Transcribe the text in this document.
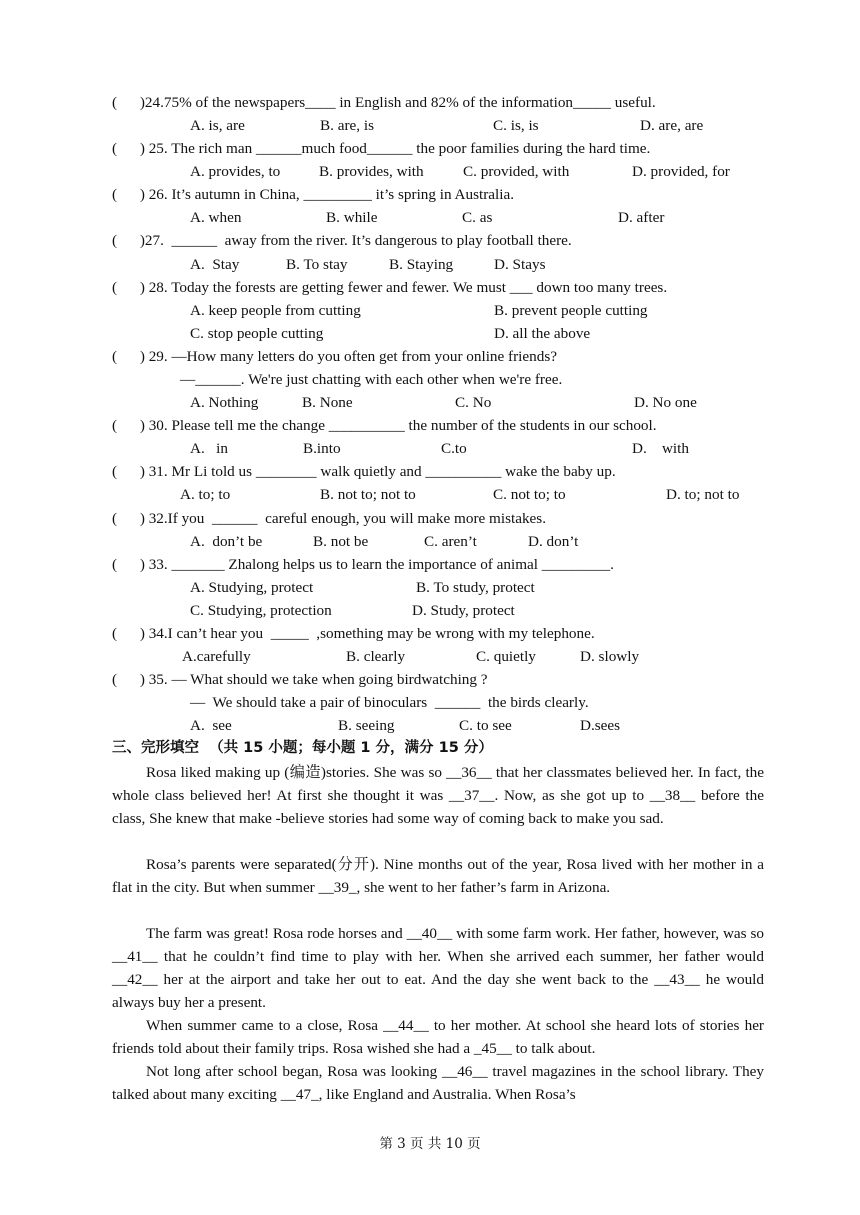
(      )24.75% of the newspapers____ in English and 82% of the information_____ useful.
A. is, are	B. are, is	C. is, is	D. are, are
(      ) 25. The rich man ______much food______ the poor families during the hard time.
A. provides, to	B. provides, with	C. provided, with	D. provided, for
(      ) 26. It’s autumn in China, _________ it’s spring in Australia.
A. when	B. while	C. as	D. after
(      )27.  ______  away from the river. It’s dangerous to play football there.
A.  Stay	B. To stay	B. Staying	D. Stays
(      ) 28. Today the forests are getting fewer and fewer. We must ___ down too many trees.
A. keep people from cutting	B. prevent people cutting
C. stop people cutting	D. all the above
(      ) 29. —How many letters do you often get from your online friends?
—______. We're just chatting with each other when we're free.
A. Nothing	B. None	C. No	D. No one
(      ) 30. Please tell me the change __________ the number of the students in our school.
A.   in	B.into	C.to	D.    with
(      ) 31. Mr Li told us ________ walk quietly and __________ wake the baby up.
A. to; to	B. not to; not to	C. not to; to	D. to; not to
(      ) 32.If you  ______  careful enough, you will make more mistakes.
A.  don’t be	B. not be	C. aren’t	D. don’t
(      ) 33. _______ Zhalong helps us to learn the importance of animal _________.
A. Studying, protect	B. To study, protect
C. Studying, protection	D. Study, protect
(      ) 34.I can’t hear you  _____  ,something may be wrong with my telephone.
A.carefully	B. clearly	C. quietly	D. slowly
(      ) 35. — What should we take when going birdwatching ?
—  We should take a pair of binoculars  ______  the birds clearly.
A.  see	B. seeing	C. to see	D.sees
三、完形填空  （共 15 小题；每小题 1 分，满分 15 分）

Rosa liked making up (编造)stories. She was so __36__ that her classmates believed her. In fact, the whole class believed her! At first she thought it was __37__. Now, as she got up to __38__ before the class, She knew that make -believe stories had some way of coming back to make you sad.

Rosa’s parents were separated(分开). Nine months out of the year, Rosa lived with her mother in a flat in the city. But when summer __39_, she went to her father’s farm in Arizona.

The farm was great! Rosa rode horses and __40__ with some farm work. Her father, however, was so __41__ that he couldn’t find time to play with her. When she arrived each summer, her father would __42__ her at the airport and take her out to eat. And the day she went back to the __43__ he would always buy her a present.

When summer came to a close, Rosa __44__ to her mother. At school she heard lots of stories her friends told about their family trips. Rosa wished she had a _45__ to talk about.

Not long after school began, Rosa was looking __46__ travel magazines in the school library. They talked about many exciting __47_, like England and Australia. When Rosa’s

第 3 页 共 10 页
